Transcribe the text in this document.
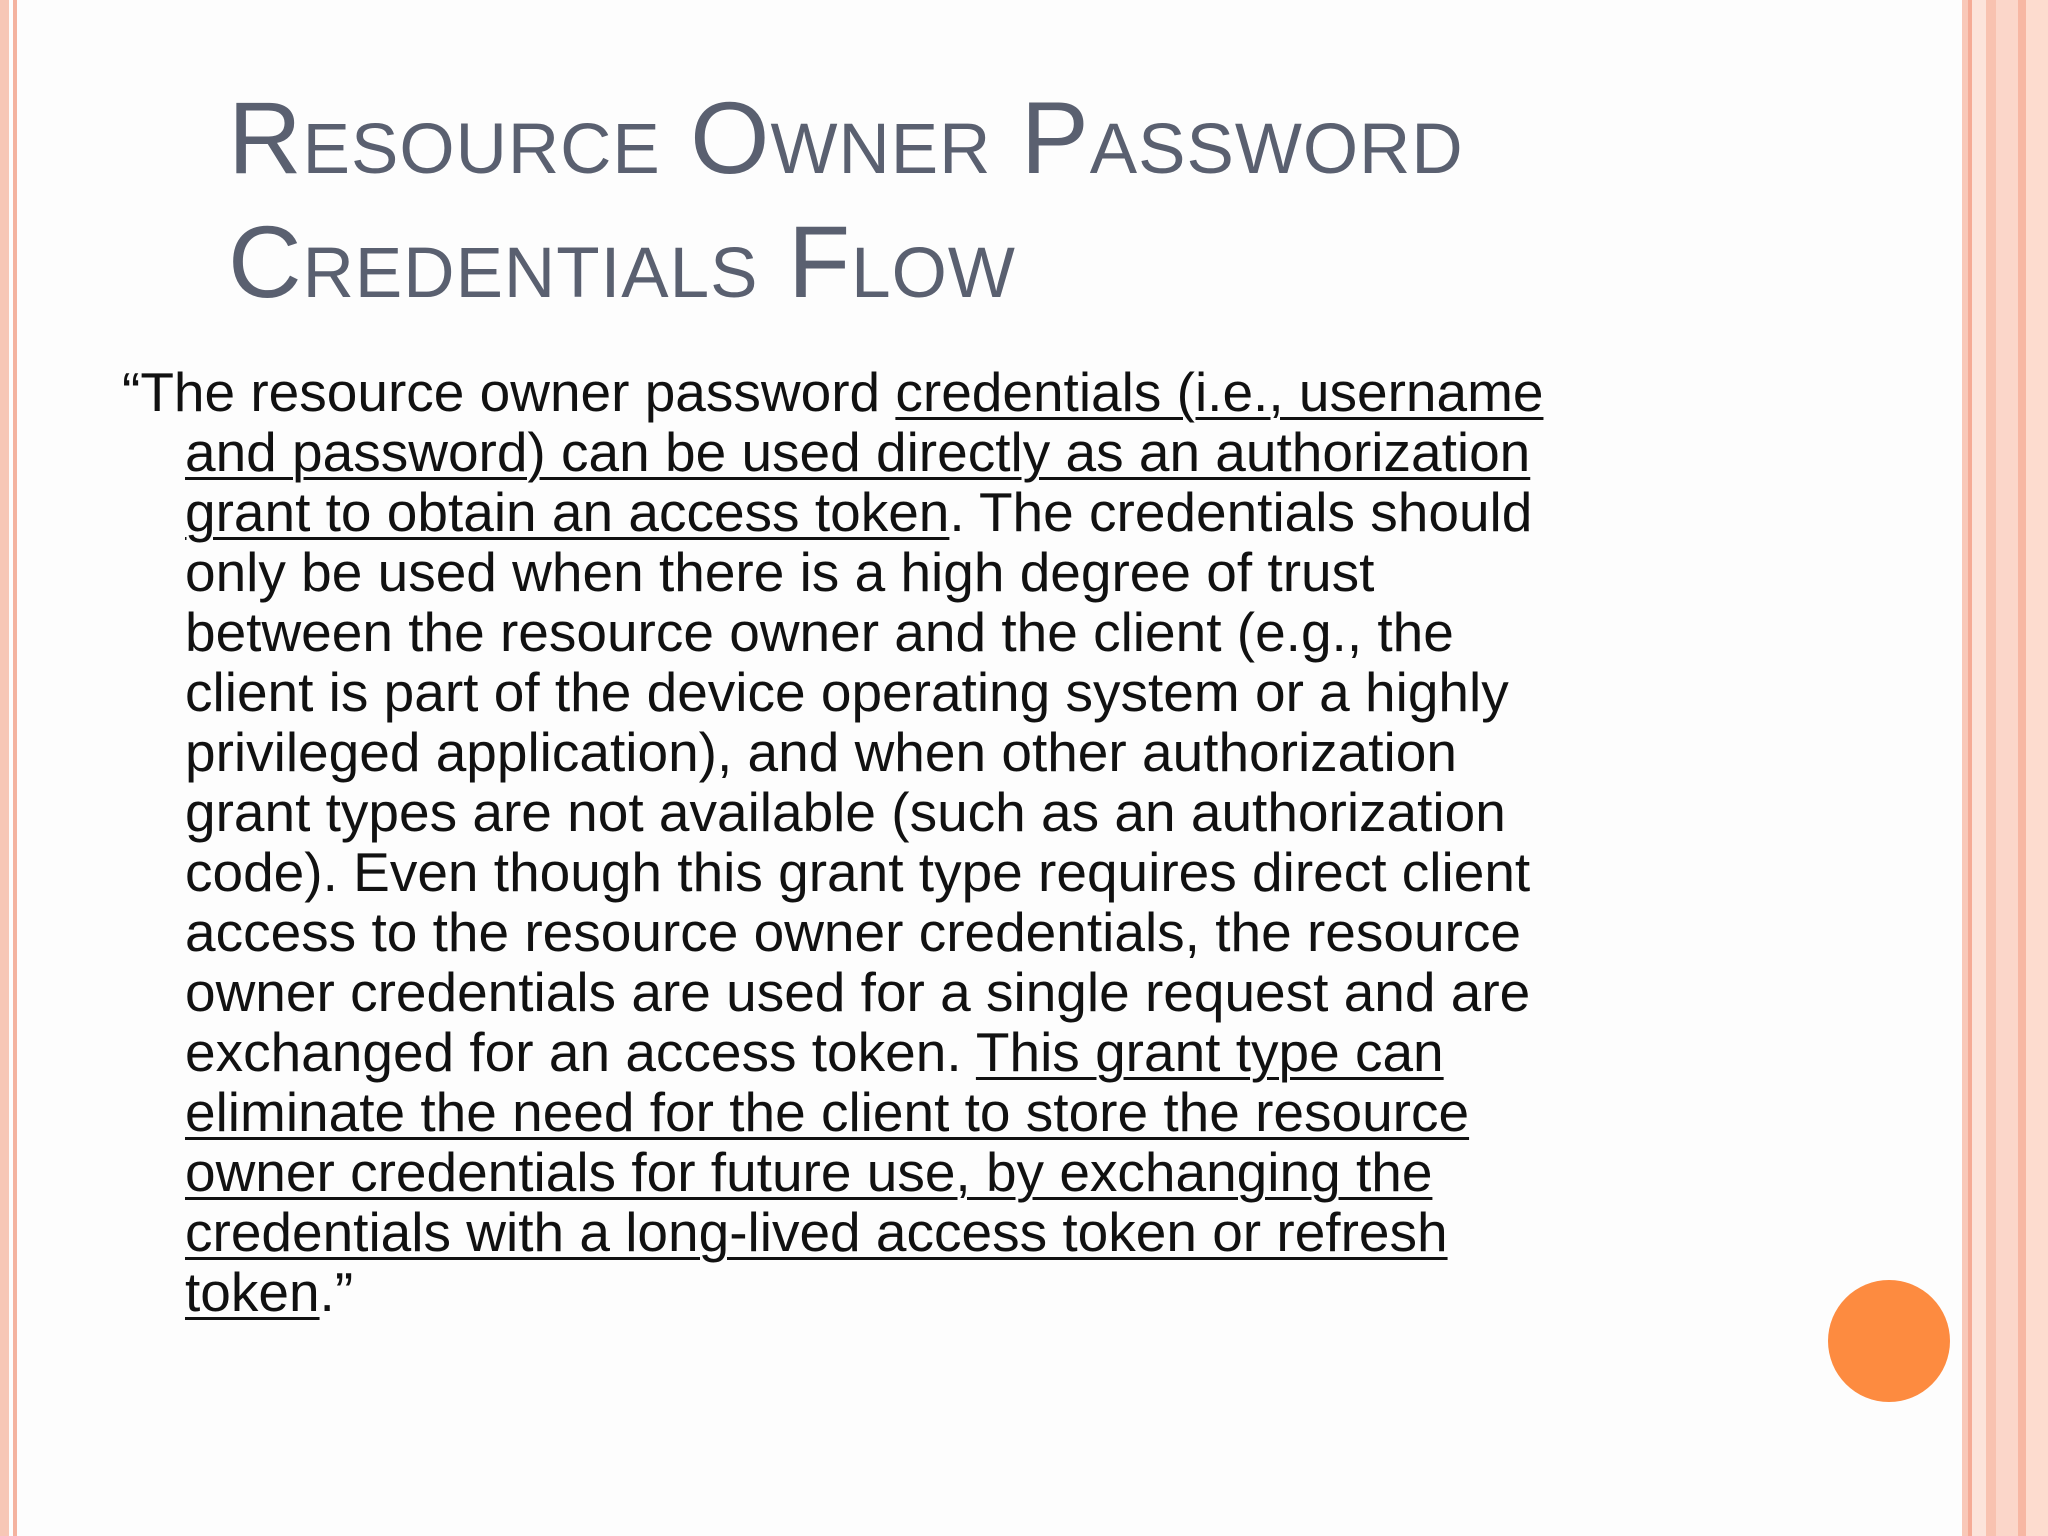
Resource Owner Password
Credentials Flow
“The resource owner password credentials (i.e., username
and password) can be used directly as an authorization
grant to obtain an access token. The credentials should
only be used when there is a high degree of trust
between the resource owner and the client (e.g., the
client is part of the device operating system or a highly
privileged application), and when other authorization
grant types are not available (such as an authorization
code). Even though this grant type requires direct client
access to the resource owner credentials, the resource
owner credentials are used for a single request and are
exchanged for an access token. This grant type can
eliminate the need for the client to store the resource
owner credentials for future use, by exchanging the
credentials with a long-lived access token or refresh
token.”
